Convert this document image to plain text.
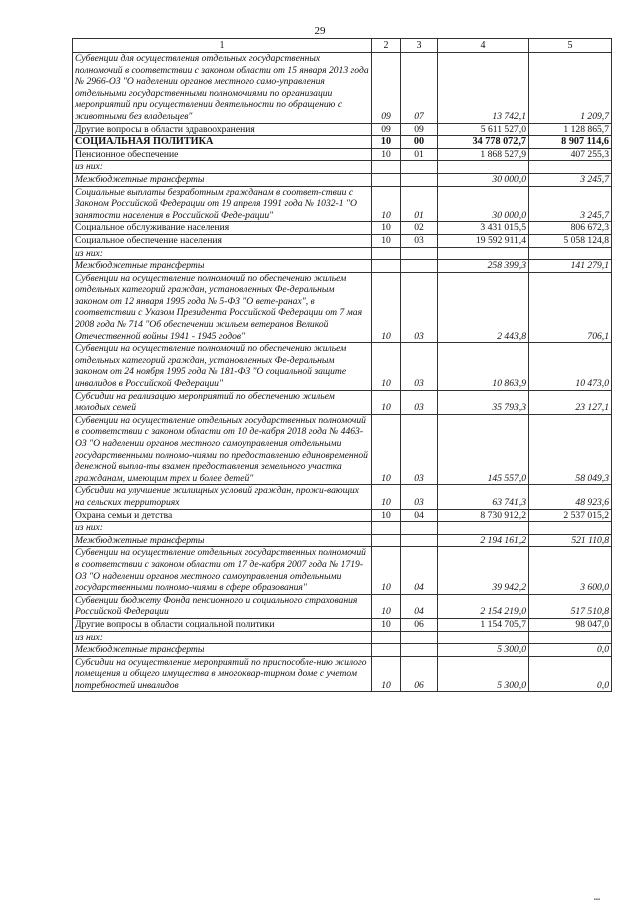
29
1	2	3	4	5
Субвенции для осуществления отдельных государственных полномочий в соответствии с законом области от 15 января 2013 года № 2966-ОЗ "О наделении органов местного само-управления отдельными государственными полномочиями по организации мероприятий при осуществлении деятельности по обращению с животными без владельцев"	09	07	13 742,1	1 209,7
Другие вопросы в области здравоохранения	09	09	5 611 527,0	1 128 865,7
СОЦИАЛЬНАЯ ПОЛИТИКА	10	00	34 778 072,7	8 907 114,6
Пенсионное обеспечение	10	01	1 868 527,9	407 255,3
из них:				
Межбюджетные трансферты			30 000,0	3 245,7
Социальные выплаты безработным гражданам в соответ-ствии с Законом Российской Федерации от 19 апреля 1991 года № 1032-1 "О занятости населения в Российской Феде-рации"	10	01	30 000,0	3 245,7
Социальное обслуживание населения	10	02	3 431 015,5	806 672,3
Социальное обеспечение населения	10	03	19 592 911,4	5 058 124,8
из них:				
Межбюджетные трансферты			258 399,3	141 279,1
Субвенции на осуществление полномочий по обеспечению жильем отдельных категорий граждан, установленных Фе-деральным законом от 12 января 1995 года № 5-ФЗ "О вете-ранах", в соответствии с Указом Президента Российской Федерации от 7 мая 2008 года № 714 "Об обеспечении жильем ветеранов Великой Отечественной войны 1941 - 1945 годов"	10	03	2 443,8	706,1
Субвенции на осуществление полномочий по обеспечению жильем отдельных категорий граждан, установленных Фе-деральным законом от 24 ноября 1995 года № 181-ФЗ "О социальной защите инвалидов в Российской Федерации"	10	03	10 863,9	10 473,0
Субсидии на реализацию мероприятий по обеспечению жильем молодых семей	10	03	35 793,3	23 127,1
Субвенции на осуществление отдельных государственных полномочий в соответствии с законом области от 10 де-кабря 2018 года № 4463-ОЗ "О наделении органов местного самоуправления отдельными государственными полномо-чиями по предоставлению единовременной денежной выпла-ты взамен предоставления земельного участка гражданам, имеющим трех и более детей"	10	03	145 557,0	58 049,3
Субсидии на улучшение жилищных условий граждан, прожи-вающих на сельских территориях	10	03	63 741,3	48 923,6
Охрана семьи и детства	10	04	8 730 912,2	2 537 015,2
из них:				
Межбюджетные трансферты			2 194 161,2	521 110,8
Субвенции на осуществление отдельных государственных полномочий в соответствии с законом области от 17 де-кабря 2007 года № 1719-ОЗ "О наделении органов местного самоуправления отдельными государственными полномо-чиями в сфере образования"	10	04	39 942,2	3 600,0
Субвенции бюджету Фонда пенсионного и социального страхования Российской Федерации	10	04	2 154 219,0	517 510,8
Другие вопросы в области социальной политики	10	06	1 154 705,7	98 047,0
из них:				
Межбюджетные трансферты			5 300,0	0,0
Субсидии на осуществление мероприятий по приспособле-нию жилого помещения и общего имущества в многоквар-тирном доме с учетом потребностей инвалидов	10	06	5 300,0	0,0
▪▪▪
